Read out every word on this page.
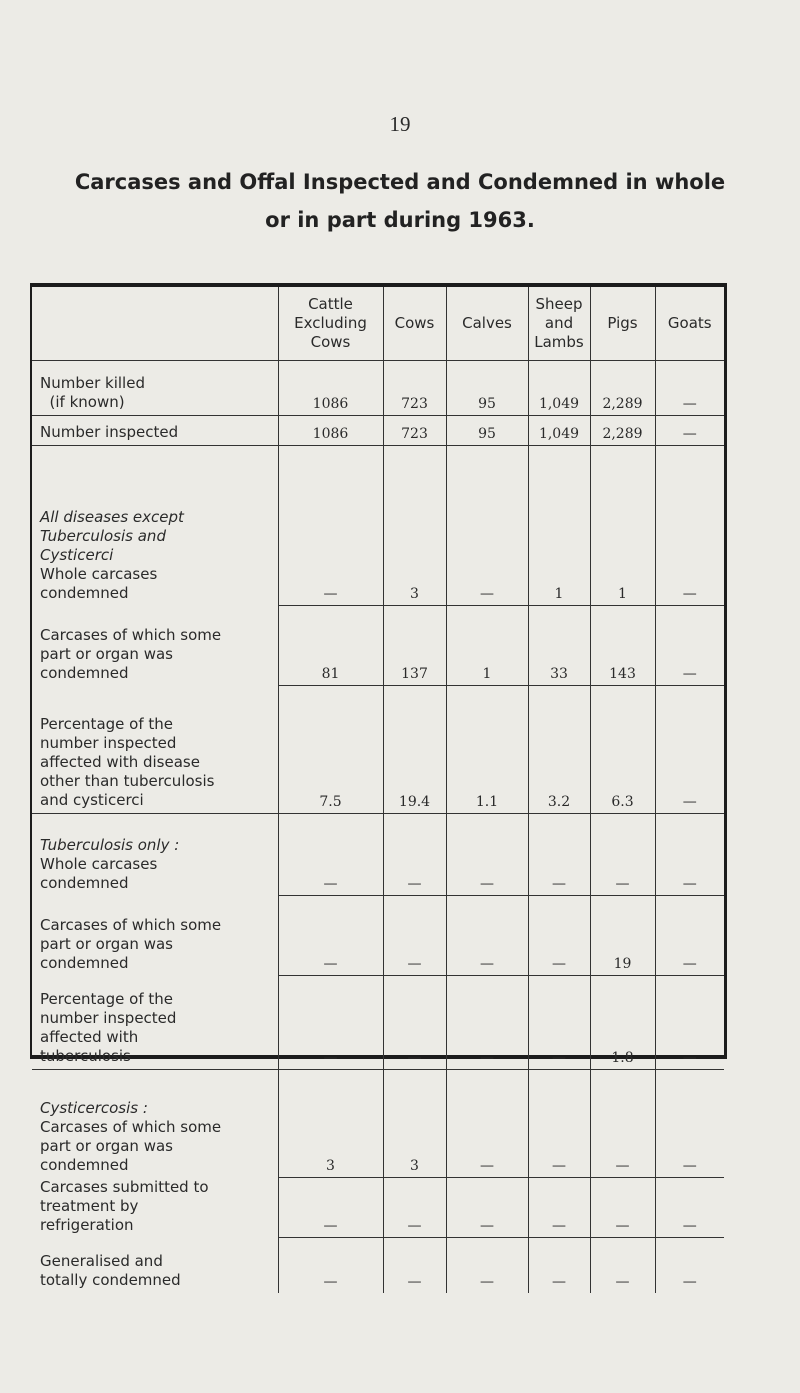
19
Carcases and Offal Inspected and Condemned in whole
or in part during 1963.
	Cattle
Excluding
Cows	Cows	Calves	Sheep
and
Lambs	Pigs	Goats
Number killed
(if known)	1086	723	95	1,049	2,289	—
Number inspected	1086	723	95	1,049	2,289	—
All diseases except
Tuberculosis and
Cysticerci
Whole carcases
condemned	—	3	—	1	1	—
Carcases of which some
part or organ was
condemned	81	137	1	33	143	—
Percentage of the
number inspected
affected with disease
other than tuberculosis
and cysticerci	7.5	19.4	1.1	3.2	6.3	—
Tuberculosis only :
Whole carcases
condemned	—	—	—	—	—	—
Carcases of which some
part or organ was
condemned	—	—	—	—	19	—
Percentage of the
number inspected
affected with
tuberculosis	—	—	—	—	1.8	—
Cysticercosis :
Carcases of which some
part or organ was
condemned	3	3	—	—	—	—
Carcases submitted to
treatment by
refrigeration	—	—	—	—	—	—
Generalised and
totally condemned	—	—	—	—	—	—
